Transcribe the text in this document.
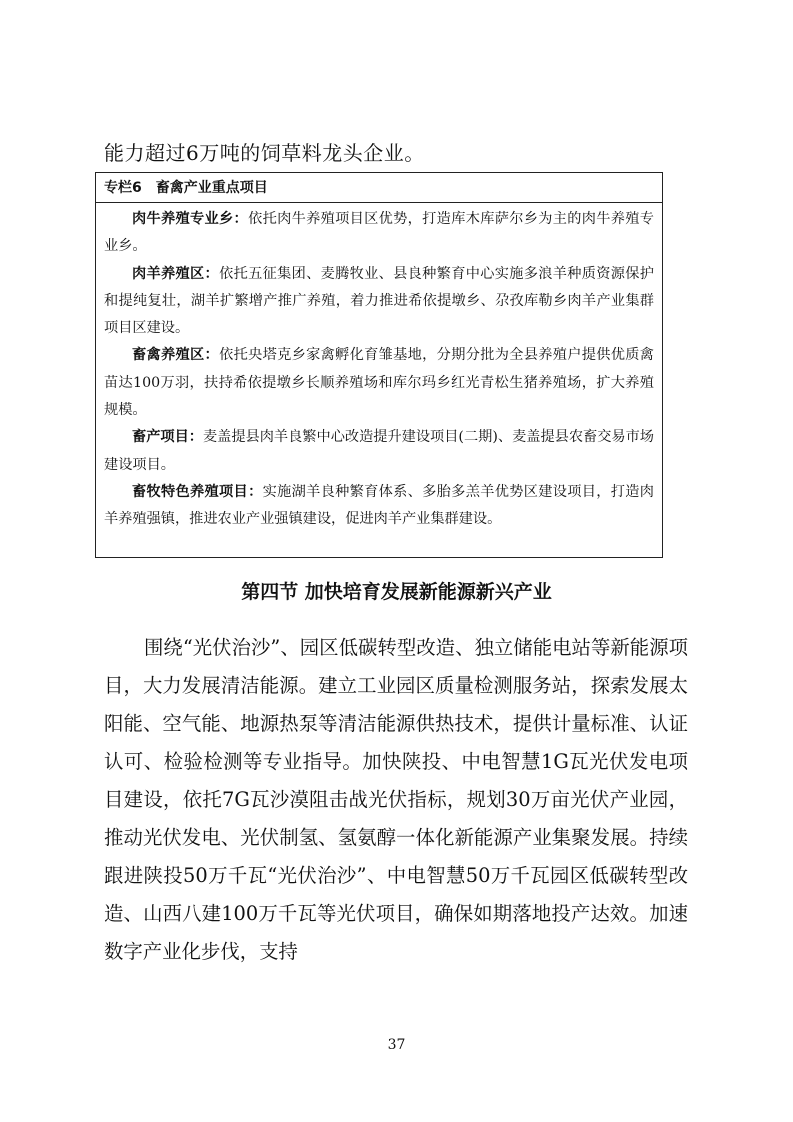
能力超过6万吨的饲草料龙头企业。
专栏6　畜禽产业重点项目

肉牛养殖专业乡：依托肉牛养殖项目区优势，打造库木库萨尔乡为主的肉牛养殖专业乡。

肉羊养殖区：依托五征集团、麦腾牧业、县良种繁育中心实施多浪羊种质资源保护和提纯复壮，湖羊扩繁增产推广养殖，着力推进希依提墩乡、尕孜库勒乡肉羊产业集群项目区建设。

畜禽养殖区：依托央塔克乡家禽孵化育雏基地，分期分批为全县养殖户提供优质禽苗达100万羽，扶持希依提墩乡长顺养殖场和库尔玛乡红光青松生猪养殖场，扩大养殖规模。

畜产项目：麦盖提县肉羊良繁中心改造提升建设项目(二期)、麦盖提县农畜交易市场建设项目。

畜牧特色养殖项目：实施湖羊良种繁育体系、多胎多羔羊优势区建设项目，打造肉羊养殖强镇，推进农业产业强镇建设，促进肉羊产业集群建设。

第四节 加快培育发展新能源新兴产业

围绕“光伏治沙”、园区低碳转型改造、独立储能电站等新能源项目，大力发展清洁能源。建立工业园区质量检测服务站，探索发展太阳能、空气能、地源热泵等清洁能源供热技术，提供计量标准、认证认可、检验检测等专业指导。加快陕投、中电智慧1G瓦光伏发电项目建设，依托7G瓦沙漠阻击战光伏指标，规划30万亩光伏产业园，推动光伏发电、光伏制氢、氢氨醇一体化新能源产业集聚发展。持续跟进陕投50万千瓦“光伏治沙”、中电智慧50万千瓦园区低碳转型改造、山西八建100万千瓦等光伏项目，确保如期落地投产达效。加速数字产业化步伐，支持

37
